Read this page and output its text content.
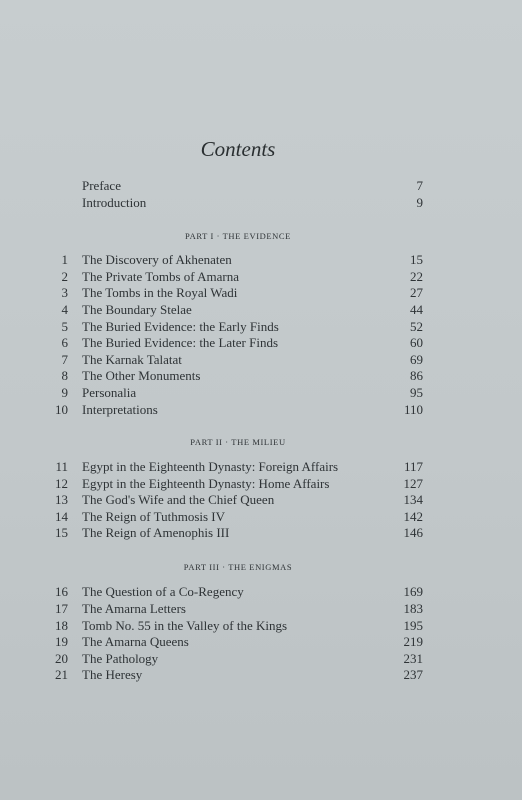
Contents
Preface	7
Introduction	9
PART I · THE EVIDENCE
1 The Discovery of Akhenaten	15
2 The Private Tombs of Amarna	22
3 The Tombs in the Royal Wadi	27
4 The Boundary Stelae	44
5 The Buried Evidence: the Early Finds	52
6 The Buried Evidence: the Later Finds	60
7 The Karnak Talatat	69
8 The Other Monuments	86
9 Personalia	95
10 Interpretations	110
PART II · THE MILIEU
11 Egypt in the Eighteenth Dynasty: Foreign Affairs	117
12 Egypt in the Eighteenth Dynasty: Home Affairs	127
13 The God's Wife and the Chief Queen	134
14 The Reign of Tuthmosis IV	142
15 The Reign of Amenophis III	146
PART III · THE ENIGMAS
16 The Question of a Co-Regency	169
17 The Amarna Letters	183
18 Tomb No. 55 in the Valley of the Kings	195
19 The Amarna Queens	219
20 The Pathology	231
21 The Heresy	237
